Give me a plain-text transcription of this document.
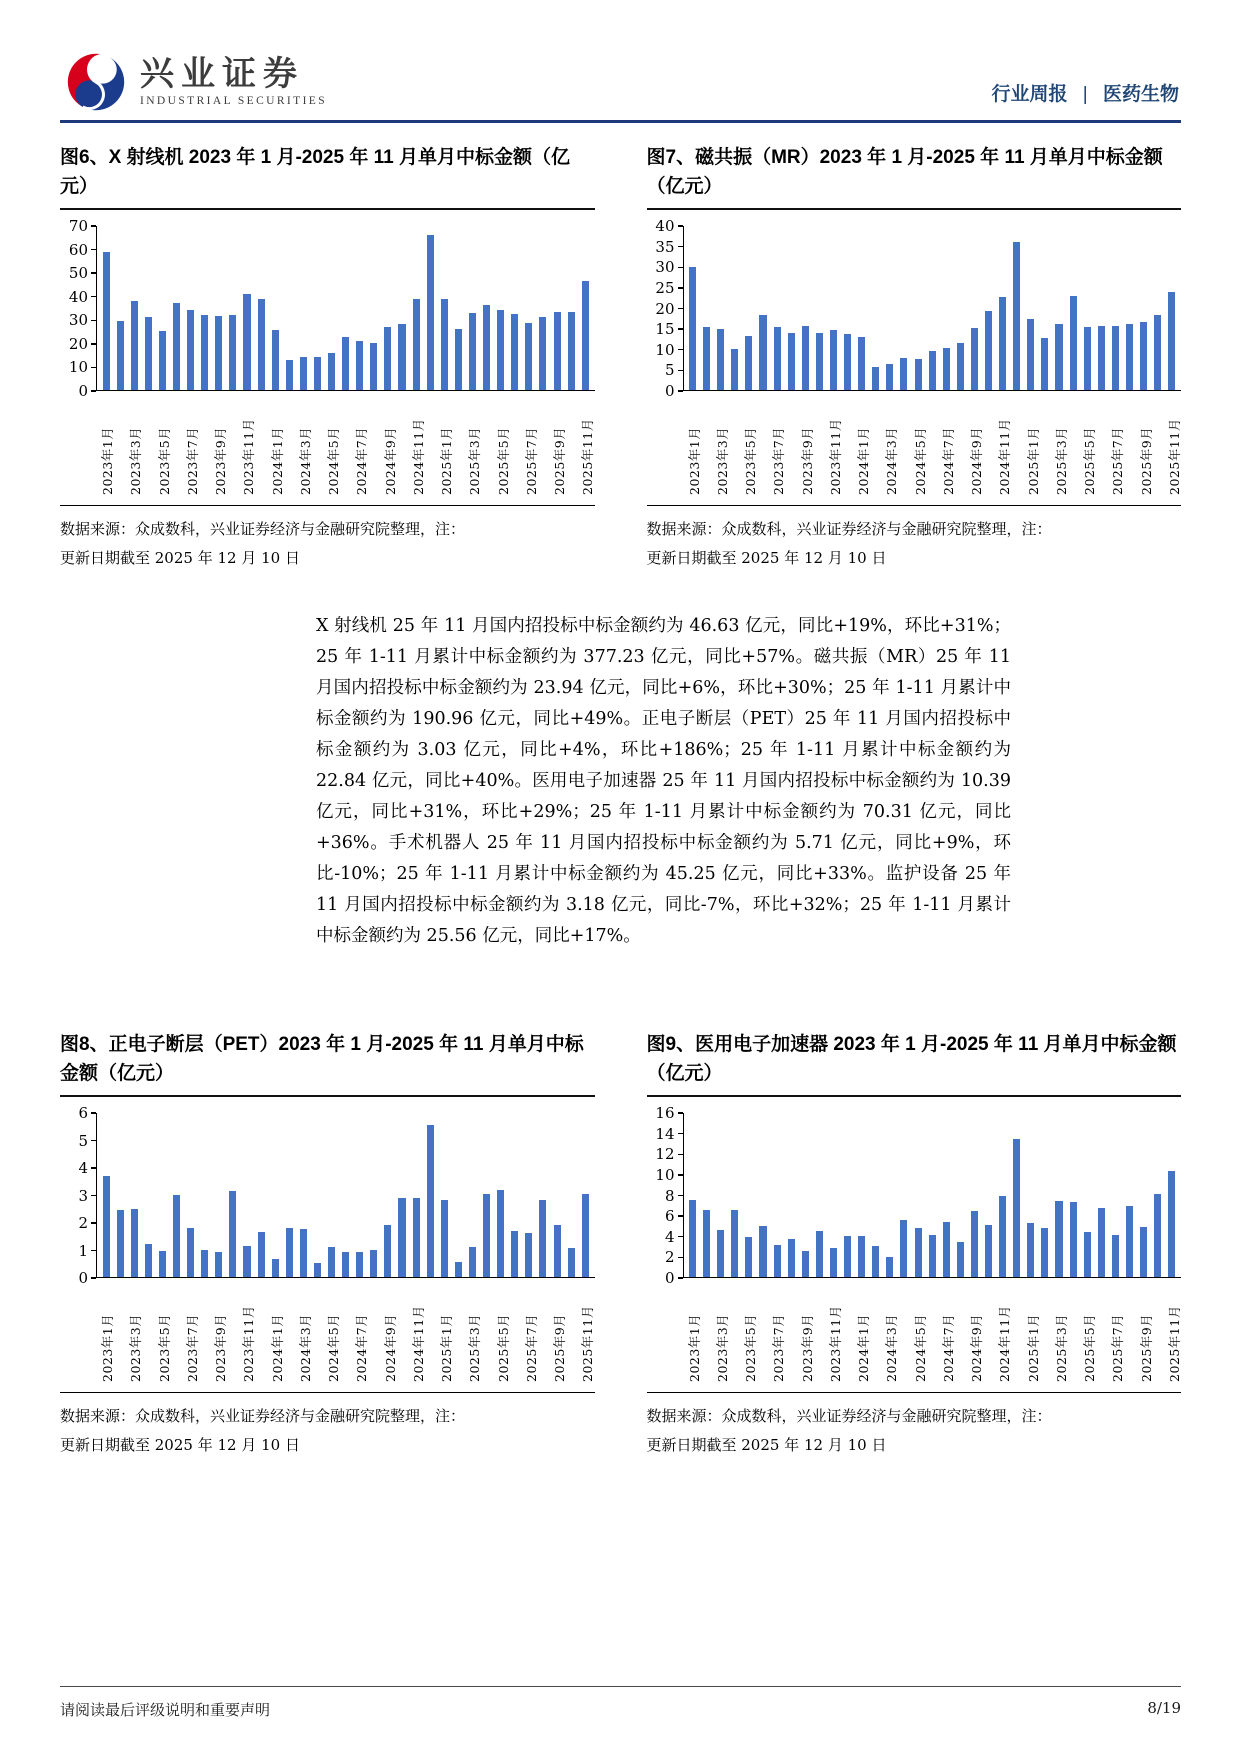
兴业证券
INDUSTRIAL SECURITIES	行业周报 | 医药生物
图6、X 射线机 2023 年 1 月-2025 年 11 月单月中标金额（亿元）
0
10
20
30
40
50
60
70
2023年1月 2023年3月 2023年5月 2023年7月 2023年9月 2023年11月 2024年1月 2024年3月 2024年5月 2024年7月 2024年9月 2024年11月 2025年1月 2025年3月 2025年5月 2025年7月 2025年9月 2025年11月
数据来源：众成数科，兴业证券经济与金融研究院整理，注：
更新日期截至 2025 年 12 月 10 日
图7、磁共振（MR）2023 年 1 月-2025 年 11 月单月中标金额（亿元）
0
5
10
15
20
25
30
35
40
2023年1月 2023年3月 2023年5月 2023年7月 2023年9月 2023年11月 2024年1月 2024年3月 2024年5月 2024年7月 2024年9月 2024年11月 2025年1月 2025年3月 2025年5月 2025年7月 2025年9月 2025年11月
数据来源：众成数科，兴业证券经济与金融研究院整理，注：
更新日期截至 2025 年 12 月 10 日
X 射线机 25 年 11 月国内招投标中标金额约为 46.63 亿元，同比+19%，环比+31%；25 年 1-11 月累计中标金额约为 377.23 亿元，同比+57%。磁共振（MR）25 年 11 月国内招投标中标金额约为 23.94 亿元，同比+6%，环比+30%；25 年 1-11 月累计中标金额约为 190.96 亿元，同比+49%。正电子断层（PET）25 年 11 月国内招投标中标金额约为 3.03 亿元，同比+4%，环比+186%；25 年 1-11 月累计中标金额约为 22.84 亿元，同比+40%。医用电子加速器 25 年 11 月国内招投标中标金额约为 10.39 亿元，同比+31%，环比+29%；25 年 1-11 月累计中标金额约为 70.31 亿元，同比+36%。手术机器人 25 年 11 月国内招投标中标金额约为 5.71 亿元，同比+9%，环比-10%；25 年 1-11 月累计中标金额约为 45.25 亿元，同比+33%。监护设备 25 年 11 月国内招投标中标金额约为 3.18 亿元，同比-7%，环比+32%；25 年 1-11 月累计中标金额约为 25.56 亿元，同比+17%。
图8、正电子断层（PET）2023 年 1 月-2025 年 11 月单月中标金额（亿元）
0
1
2
3
4
5
6
2023年1月 2023年3月 2023年5月 2023年7月 2023年9月 2023年11月 2024年1月 2024年3月 2024年5月 2024年7月 2024年9月 2024年11月 2025年1月 2025年3月 2025年5月 2025年7月 2025年9月 2025年11月
数据来源：众成数科，兴业证券经济与金融研究院整理，注：
更新日期截至 2025 年 12 月 10 日
图9、医用电子加速器 2023 年 1 月-2025 年 11 月单月中标金额（亿元）
0
2
4
6
8
10
12
14
16
2023年1月 2023年3月 2023年5月 2023年7月 2023年9月 2023年11月 2024年1月 2024年3月 2024年5月 2024年7月 2024年9月 2024年11月 2025年1月 2025年3月 2025年5月 2025年7月 2025年9月 2025年11月
数据来源：众成数科，兴业证券经济与金融研究院整理，注：
更新日期截至 2025 年 12 月 10 日
请阅读最后评级说明和重要声明	8/19
